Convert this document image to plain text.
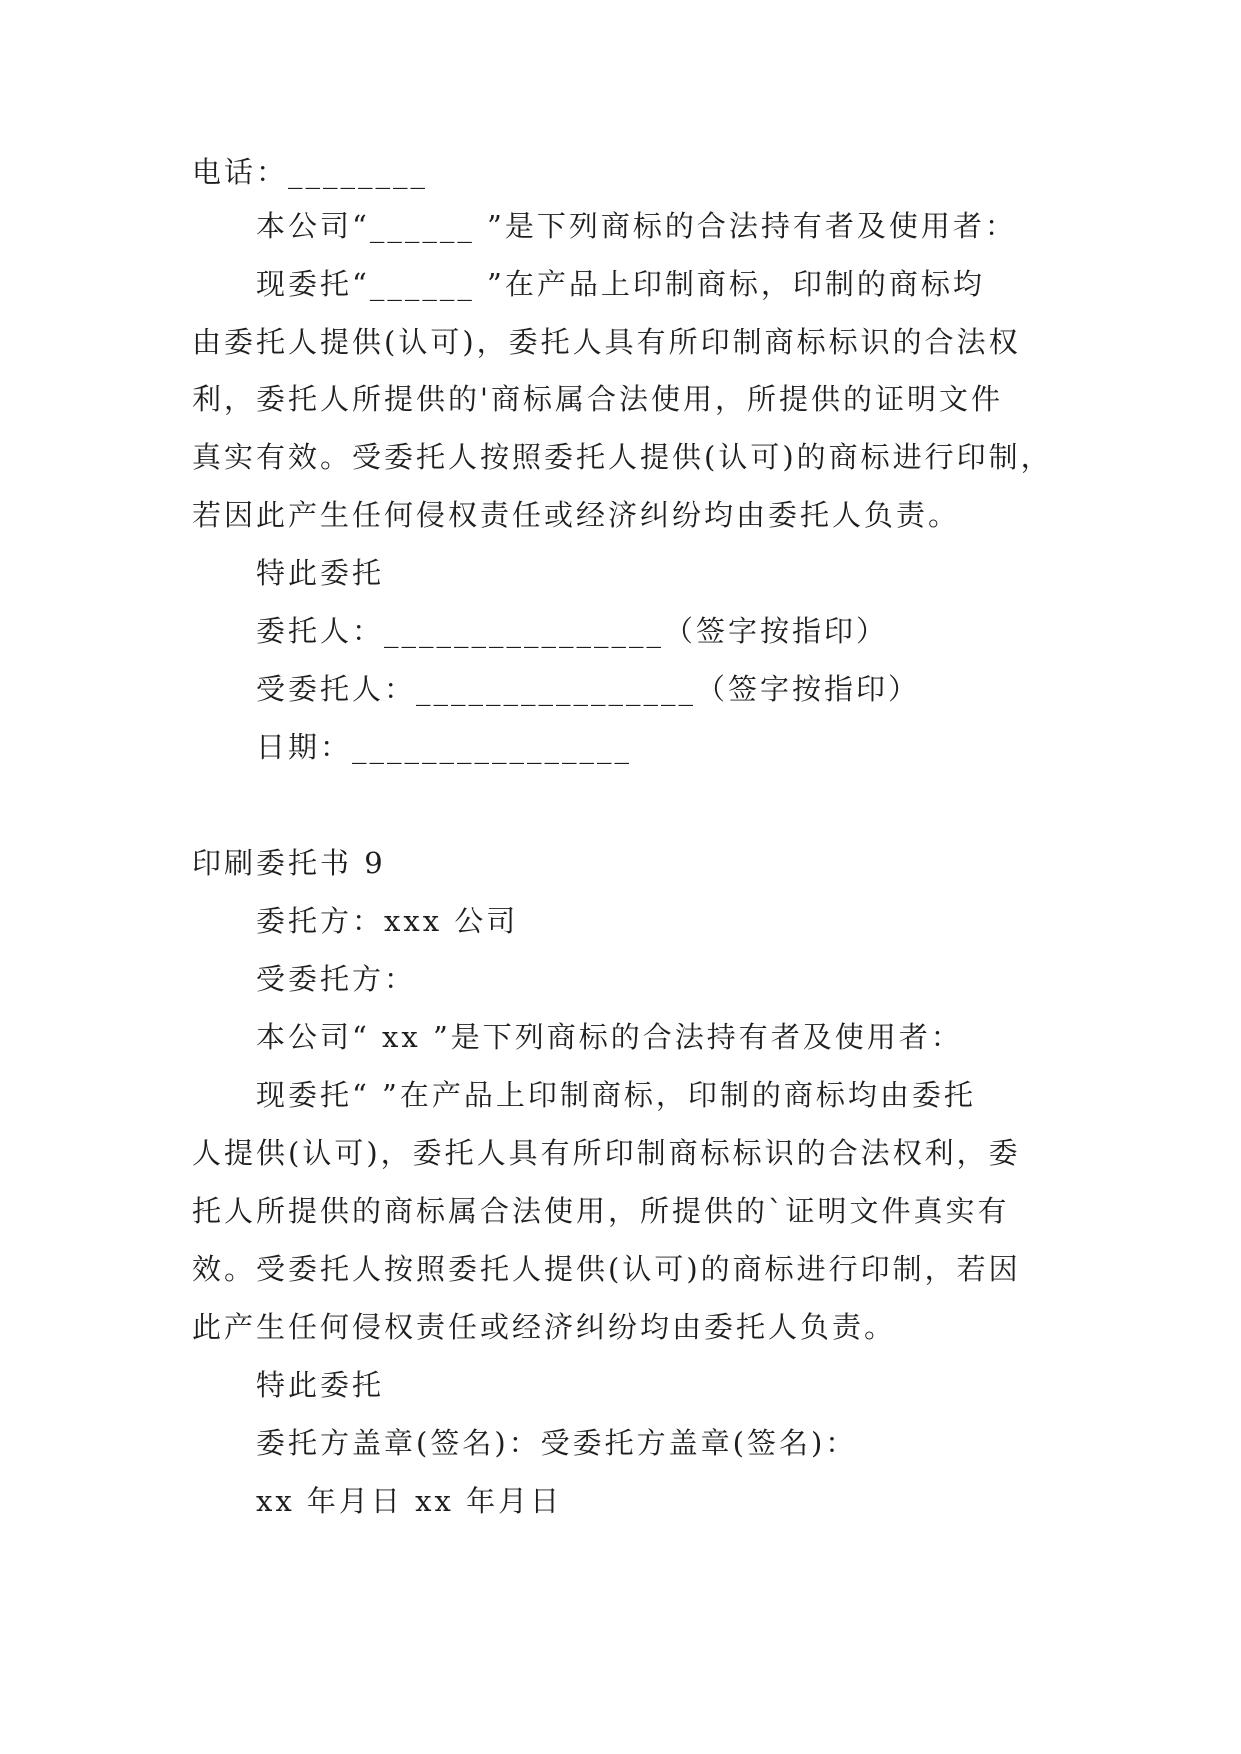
电话：________
本公司“______ ”是下列商标的合法持有者及使用者：
现委托“______ ”在产品上印制商标，印制的商标均
由委托人提供(认可)，委托人具有所印制商标标识的合法权
利，委托人所提供的'商标属合法使用，所提供的证明文件
真实有效。受委托人按照委托人提供(认可)的商标进行印制，
若因此产生任何侵权责任或经济纠纷均由委托人负责。
特此委托
委托人：________________（签字按指印）
受委托人：________________（签字按指印）
日期：________________
印刷委托书 9
委托方：xxx 公司
受委托方：
本公司“ xx ”是下列商标的合法持有者及使用者：
现委托“ ”在产品上印制商标，印制的商标均由委托
人提供(认可)，委托人具有所印制商标标识的合法权利，委
托人所提供的商标属合法使用，所提供的`证明文件真实有
效。受委托人按照委托人提供(认可)的商标进行印制，若因
此产生任何侵权责任或经济纠纷均由委托人负责。
特此委托
委托方盖章(签名)：受委托方盖章(签名)：
xx 年月日 xx 年月日
